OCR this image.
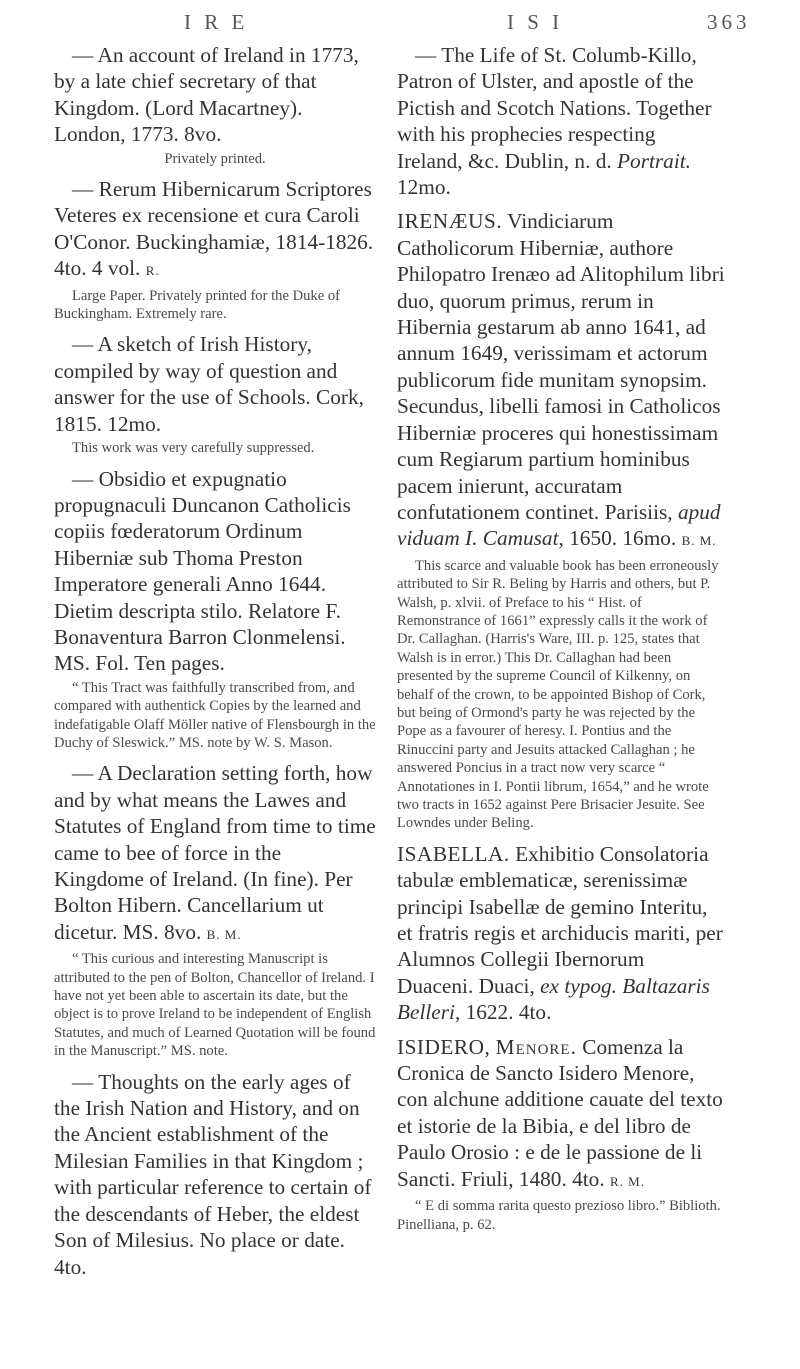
I R E	I S I	363

— An account of Ireland in 1773, by a late chief secretary of that Kingdom. (Lord Macartney). London, 1773. 8vo.

Privately printed.

— Rerum Hibernicarum Scriptores Veteres ex recensione et cura Caroli O'Conor. Buckinghamiæ, 1814-1826. 4to. 4 vol. R.

Large Paper. Privately printed for the Duke of Buckingham. Extremely rare.

— A sketch of Irish History, compiled by way of question and answer for the use of Schools. Cork, 1815. 12mo.

This work was very carefully suppressed.

— Obsidio et expugnatio propugnaculi Duncanon Catholicis copiis fœderatorum Ordinum Hiberniæ sub Thoma Preston Imperatore generali Anno 1644. Dietim descripta stilo. Relatore F. Bonaventura Barron Clonmelensi. MS. Fol. Ten pages.

“ This Tract was faithfully transcribed from, and compared with authentick Copies by the learned and indefatigable Olaff Möller native of Flensbourgh in the Duchy of Sleswick.” MS. note by W. S. Mason.

— A Declaration setting forth, how and by what means the Lawes and Statutes of England from time to time came to bee of force in the Kingdome of Ireland. (In fine). Per Bolton Hibern. Cancellarium ut dicetur. MS. 8vo. B. M.

“ This curious and interesting Manuscript is attributed to the pen of Bolton, Chancellor of Ireland. I have not yet been able to ascertain its date, but the object is to prove Ireland to be independent of English Statutes, and much of Learned Quotation will be found in the Manuscript.” MS. note.

— Thoughts on the early ages of the Irish Nation and History, and on the Ancient establishment of the Milesian Families in that Kingdom ; with particular reference to certain of the descendants of Heber, the eldest Son of Milesius. No place or date. 4to.

— The Life of St. Columb-Killo, Patron of Ulster, and apostle of the Pictish and Scotch Nations. Together with his prophecies respecting Ireland, &c. Dublin, n. d. Portrait. 12mo.

IRENÆUS. Vindiciarum Catholicorum Hiberniæ, authore Philopatro Irenæo ad Alitophilum libri duo, quorum primus, rerum in Hibernia gestarum ab anno 1641, ad annum 1649, verissimam et actorum publicorum fide munitam synopsim. Secundus, libelli famosi in Catholicos Hiberniæ proceres qui honestissimam cum Regiarum partium hominibus pacem inierunt, accuratam confutationem continet. Parisiis, apud viduam I. Camusat, 1650. 16mo. B. M.

This scarce and valuable book has been erroneously attributed to Sir R. Beling by Harris and others, but P. Walsh, p. xlvii. of Preface to his “ Hist. of Remonstrance of 1661” expressly calls it the work of Dr. Callaghan. (Harris's Ware, III. p. 125, states that Walsh is in error.) This Dr. Callaghan had been presented by the supreme Council of Kilkenny, on behalf of the crown, to be appointed Bishop of Cork, but being of Ormond's party he was rejected by the Pope as a favourer of heresy. I. Pontius and the Rinuccini party and Jesuits attacked Callaghan ; he answered Poncius in a tract now very scarce “ Annotationes in I. Pontii librum, 1654,” and he wrote two tracts in 1652 against Pere Brisacier Jesuite. See Lowndes under Beling.

ISABELLA. Exhibitio Consolatoria tabulæ emblematicæ, serenissimæ principi Isabellæ de gemino Interitu, et fratris regis et archiducis mariti, per Alumnos Collegii Ibernorum Duaceni. Duaci, ex typog. Baltazaris Belleri, 1622. 4to.

ISIDERO, Menore. Comenza la Cronica de Sancto Isidero Menore, con alchune additione cauate del texto et istorie de la Bibia, e del libro de Paulo Orosio : e de le passione de li Sancti. Friuli, 1480. 4to. R. M.

“ E di somma rarita questo prezioso libro.” Biblioth. Pinelliana, p. 62.
